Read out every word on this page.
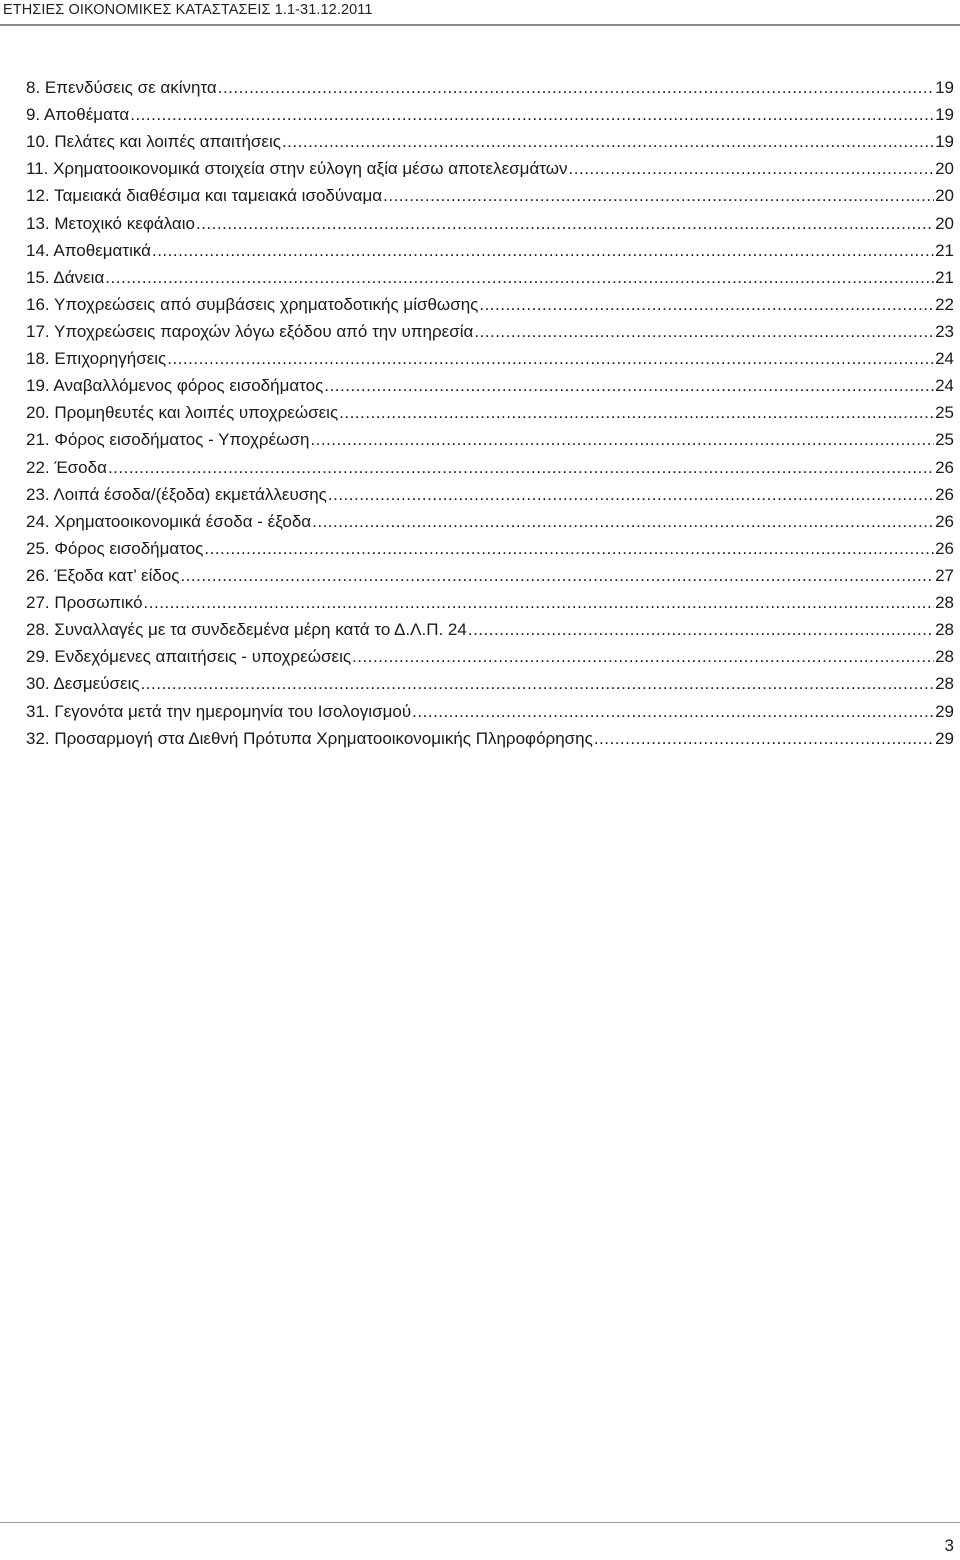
ΕΤΗΣΙΕΣ ΟΙΚΟΝΟΜΙΚΕΣ ΚΑΤΑΣΤΑΣΕΙΣ 1.1-31.12.2011
8. Επενδύσεις σε ακίνητα .....	19
9. Αποθέματα .....	19
10. Πελάτες και λοιπές απαιτήσεις .....	19
11. Χρηματοοικονομικά στοιχεία στην εύλογη αξία μέσω αποτελεσμάτων .....	20
12. Ταμειακά διαθέσιμα και ταμειακά ισοδύναμα .....	20
13. Μετοχικό κεφάλαιο .....	20
14. Αποθεματικά .....	21
15. Δάνεια .....	21
16. Υποχρεώσεις από συμβάσεις χρηματοδοτικής μίσθωσης .....	22
17. Υποχρεώσεις παροχών λόγω εξόδου από την υπηρεσία .....	23
18. Επιχορηγήσεις .....	24
19. Αναβαλλόμενος φόρος εισοδήματος .....	24
20. Προμηθευτές και λοιπές υποχρεώσεις .....	25
21. Φόρος εισοδήματος - Υποχρέωση .....	25
22. Έσοδα .....	26
23. Λοιπά έσοδα/(έξοδα) εκμετάλλευσης .....	26
24. Χρηματοοικονομικά έσοδα - έξοδα .....	26
25. Φόρος εισοδήματος .....	26
26. Έξοδα κατ’ είδος .....	27
27. Προσωπικό .....	28
28. Συναλλαγές με τα συνδεδεμένα μέρη κατά το Δ.Λ.Π. 24 .....	28
29. Ενδεχόμενες απαιτήσεις - υποχρεώσεις .....	28
30. Δεσμεύσεις .....	28
31. Γεγονότα μετά την ημερομηνία του Ισολογισμού .....	29
32. Προσαρμογή στα Διεθνή Πρότυπα Χρηματοοικονομικής Πληροφόρησης .....	29
3
